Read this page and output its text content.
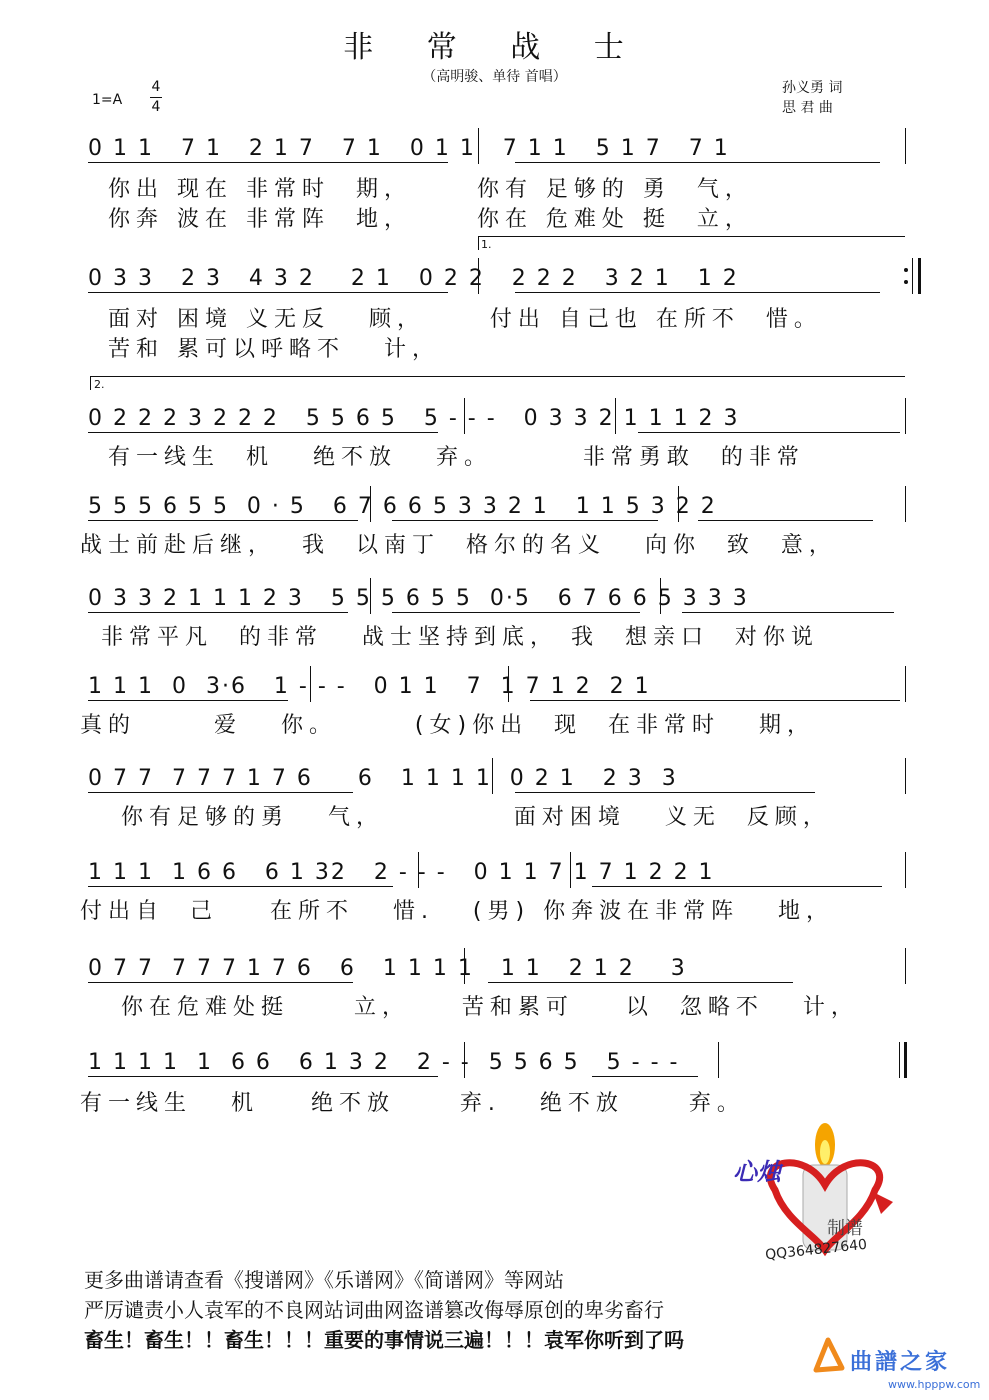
非 常 战 士
（高明骏、单待 首唱）
1=A
4
4
孙义勇 词
思 君 曲
0 1 1   7 1   2 1 7   7 1   0 1 1   7 1 1   5 1 7   7 1
你出 现在 非常时  期，     你有 足够的 勇  气，
你奔 波在 非常阵  地，     你在 危难处 挺  立，
1.
0 3 3   2 3   4 3 2    2 1   0 2 2   2 2 2   3 2 1   1 2
面对 困境 义无反   顾，     付出 自己也 在所不  惜。
苦和 累可以呼略不   计，
2.
0 2 2 2 3 2 2 2   5 5 6 5   5 - - -   0 3 3 2 1 1 1 2 3
有一线生  机   绝不放   弃。       非常勇敢  的非常
5 5 5 6 5 5  0 · 5   6 7 6 6 5 3 3 2 1   1 1 5 3 2 2
战士前赴后继，  我  以南丁  格尔的名义   向你  致  意，
0 3 3 2 1 1 1 2 3   5 5 5 6 5 5  0·5   6 7 6 6 5 3 3 3
非常平凡  的非常   战士坚持到底， 我  想亲口  对你说
1 1 1  0  3·6   1 - - -   0 1 1   7  1 7 1 2  2 1
真的      爱   你。      (女)你出  现  在非常时   期，
0 7 7  7 7 7 1 7 6     6   1 1 1 1  0 2 1   2 3  3
你有足够的勇   气，          面对困境   义无  反顾，
1 1 1  1 6 6   6 1 32   2 - - -   0 1 1 7 1 7 1 2 2 1
付出自  己    在所不   惜.   (男) 你奔波在非常阵   地，
0 7 7  7 7 7 1 7 6   6   1 1 1 1   1 1   2 1 2    3
你在危难处挺     立，    苦和累可    以  忽略不   计，
1 1 1 1  1  6 6   6 1 3 2   2 - -  5 5 6 5   5 - - -
有一线生   机    绝不放     弃.   绝不放     弃。
心烛
制谱
QQ364827640
更多曲谱请查看《搜谱网》《乐谱网》《简谱网》等网站
严厉谴责小人袁军的不良网站词曲网盗谱篡改侮辱原创的卑劣畜行
畜生！畜生！！畜生！！！重要的事情说三遍！！！袁军你听到了吗
曲譜之家
www.hpppw.com
